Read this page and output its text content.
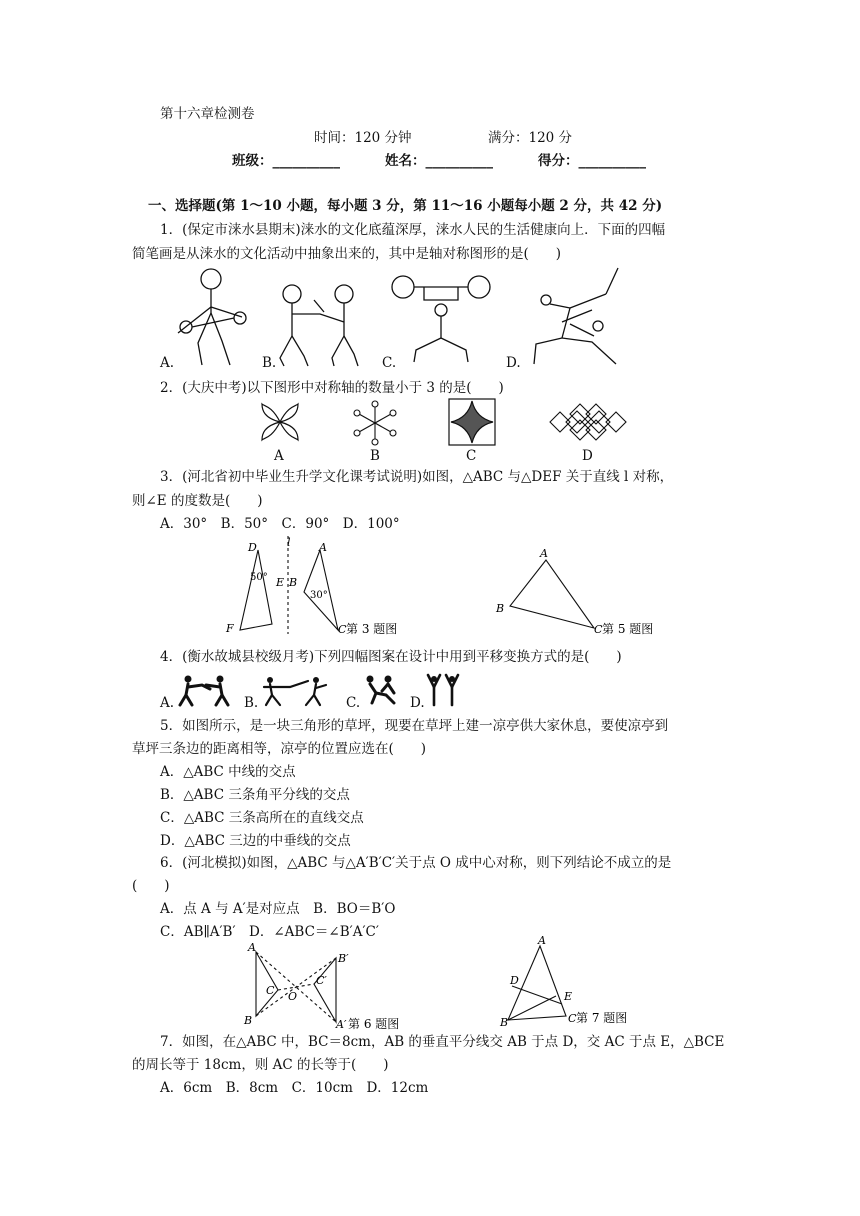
第十六章检测卷
时间：120 分钟	满分：120 分
班级：__________	姓名：__________	得分：__________
一、选择题(第 1～10 小题，每小题 3 分，第 11～16 小题每小题 2 分，共 42 分)
1．(保定市涞水县期末)涞水的文化底蕴深厚，涞水人民的生活健康向上．下面的四幅
简笔画是从涞水的文化活动中抽象出来的，其中是轴对称图形的是(　　)
A.	B.	C.	D.
2．(大庆中考)以下图形中对称轴的数量小于 3 的是(　　)
A	B	C	D
3．(河北省初中毕业生升学文化课考试说明)如图，△ABC 与△DEF 关于直线 l 对称，
则∠E 的度数是(　　)
A．30°　B．50°　C．90°　D．100°
D
E
F
l	A
B
C
50°
30°
第 3 题图
A
B
C 第 5 题图
4．(衡水故城县校级月考)下列四幅图案在设计中用到平移变换方式的是(　　)
A.	B.	C.	D.
5．如图所示，是一块三角形的草坪，现要在草坪上建一凉亭供大家休息，要使凉亭到
草坪三条边的距离相等，凉亭的位置应选在(　　)
A．△ABC 中线的交点
B．△ABC 三条角平分线的交点
C．△ABC 三条高所在的直线交点
D．△ABC 三边的中垂线的交点
6．(河北模拟)如图，△ABC 与△A′B′C′关于点 O 成中心对称，则下列结论不成立的是
(　　)
A．点 A 与 A′是对应点　B．BO＝B′O
C．AB∥A′B′　D．∠ABC＝∠B′A′C′
A
B
C O
B′
C′
A′ 第 6 题图
A
B	C
D
E
第 7 题图
7．如图，在△ABC 中，BC＝8cm，AB 的垂直平分线交 AB 于点 D，交 AC 于点 E，△BCE
的周长等于 18cm，则 AC 的长等于(　　)
A．6cm　B．8cm　C．10cm　D．12cm
